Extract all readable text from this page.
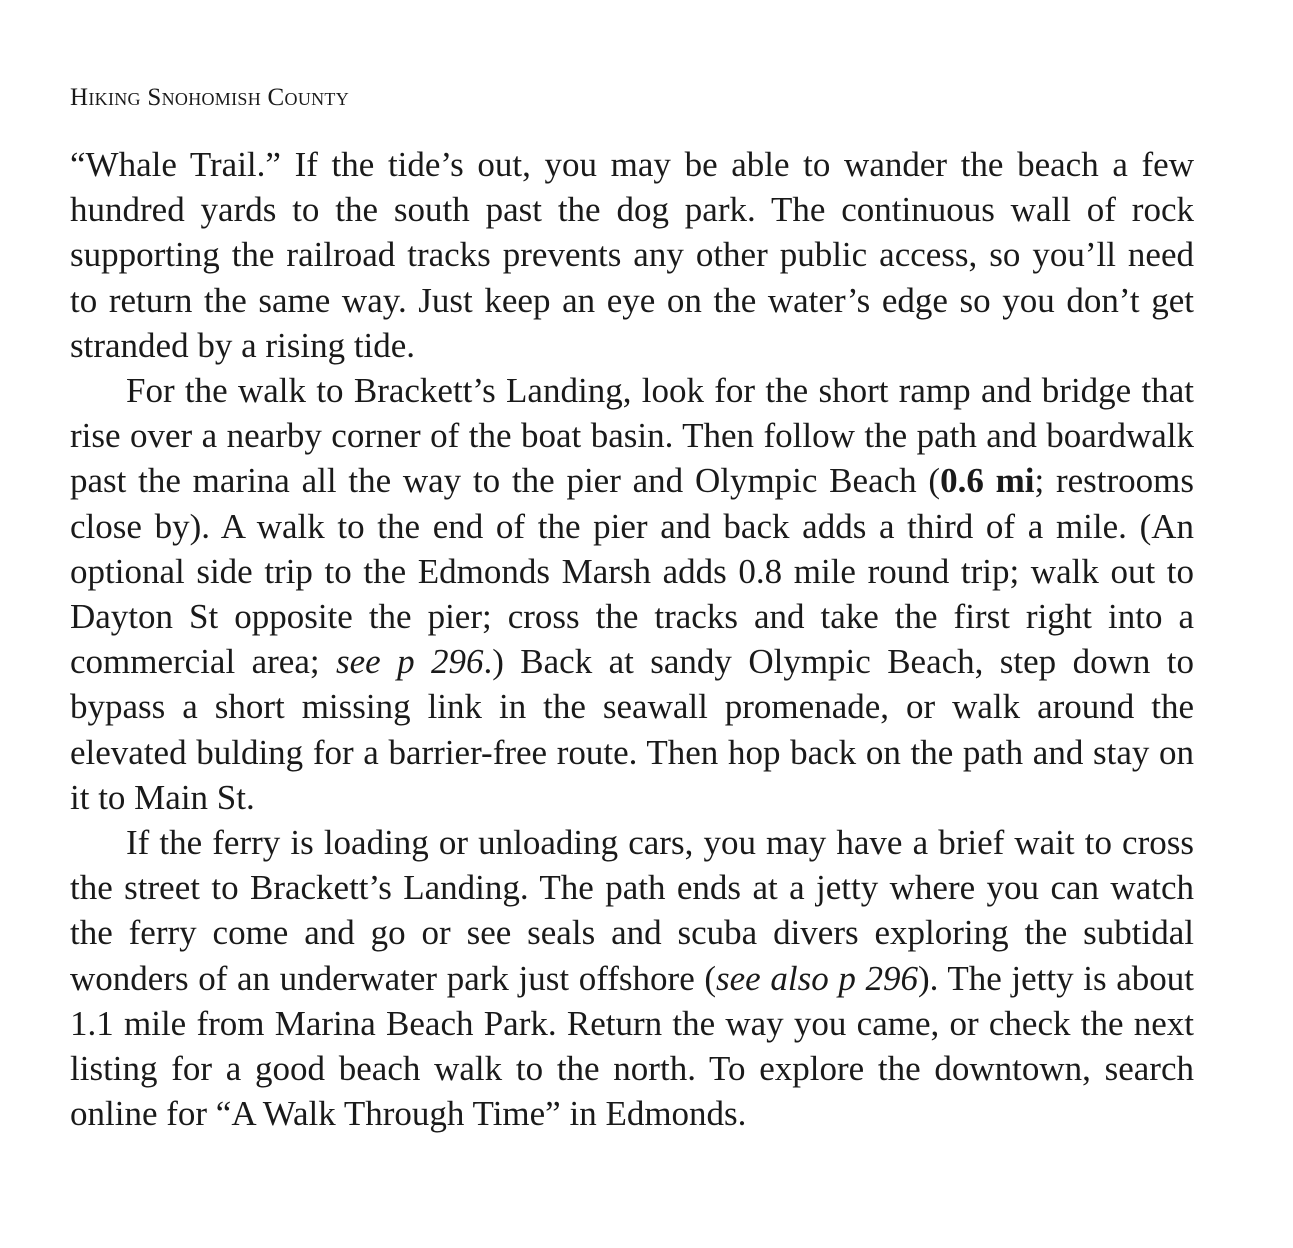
Hiking Snohomish County

“Whale Trail.” If the tide’s out, you may be able to wander the beach a few hundred yards to the south past the dog park. The continuous wall of rock supporting the railroad tracks prevents any other public access, so you’ll need to return the same way. Just keep an eye on the water’s edge so you don’t get stranded by a rising tide.

For the walk to Brackett’s Landing, look for the short ramp and bridge that rise over a nearby corner of the boat basin. Then follow the path and boardwalk past the marina all the way to the pier and Olympic Beach (0.6 mi; restrooms close by). A walk to the end of the pier and back adds a third of a mile. (An optional side trip to the Edmonds Marsh adds 0.8 mile round trip; walk out to Dayton St opposite the pier; cross the tracks and take the first right into a commercial area; see p 296.) Back at sandy Olympic Beach, step down to bypass a short missing link in the seawall promenade, or walk around the elevated bulding for a barrier-free route. Then hop back on the path and stay on it to Main St.

If the ferry is loading or unloading cars, you may have a brief wait to cross the street to Brackett’s Landing. The path ends at a jetty where you can watch the ferry come and go or see seals and scuba divers exploring the subtidal wonders of an underwater park just offshore (see also p 296). The jetty is about 1.1 mile from Marina Beach Park. Return the way you came, or check the next listing for a good beach walk to the north. To explore the downtown, search online for “A Walk Through Time” in Edmonds.
